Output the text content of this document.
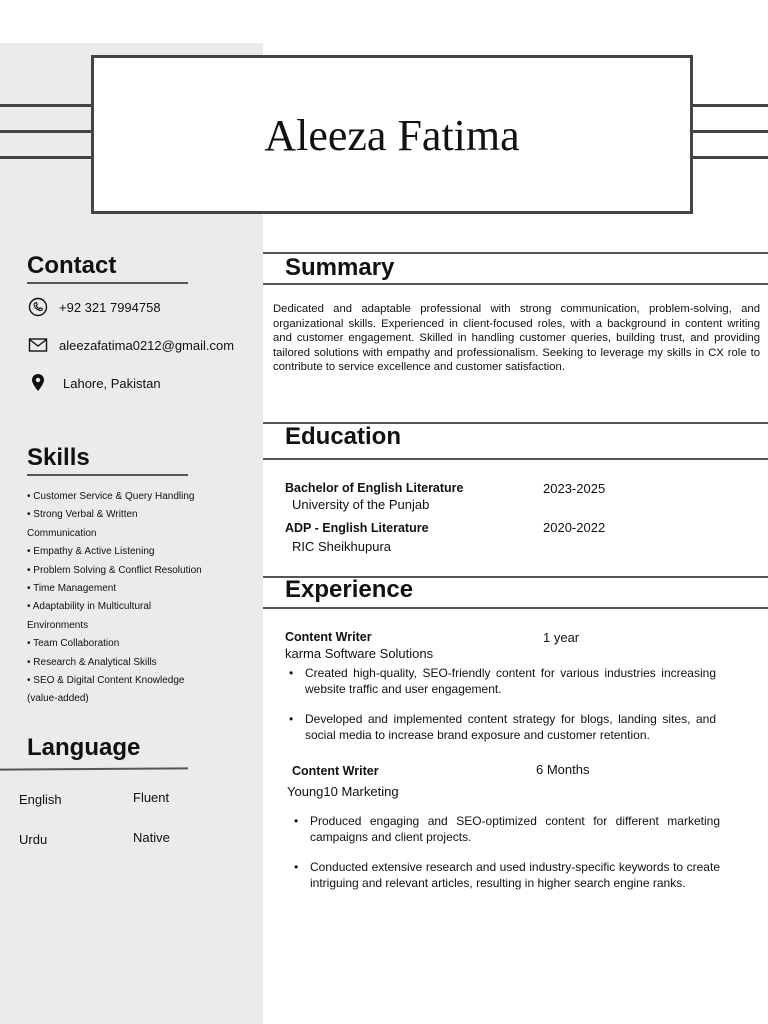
Aleeza Fatima
Contact
+92 321 7994758
aleezafatima0212@gmail.com
Lahore, Pakistan
Skills
• Customer Service & Query Handling
• Strong Verbal & Written Communication
• Empathy & Active Listening
• Problem Solving & Conflict Resolution
• Time Management
• Adaptability in Multicultural Environments
• Team Collaboration
• Research & Analytical Skills
• SEO & Digital Content Knowledge (value-added)
Language
English	Fluent
Urdu	Native
Summary
Dedicated and adaptable professional with strong communication, problem-solving, and organizational skills. Experienced in client-focused roles, with a background in content writing and customer engagement. Skilled in handling customer queries, building trust, and providing tailored solutions with empathy and professionalism. Seeking to leverage my skills in CX role to contribute to service excellence and customer satisfaction.
Education
Bachelor of English Literature	2023-2025
University of the Punjab
ADP - English Literature	2020-2022
RIC Sheikhupura
Experience
Content Writer	1 year
karma Software Solutions
• Created high-quality, SEO-friendly content for various industries increasing website traffic and user engagement.
• Developed and implemented content strategy for blogs, landing sites, and social media to increase brand exposure and customer retention.
Content Writer	6 Months
Young10 Marketing
• Produced engaging and SEO-optimized content for different marketing campaigns and client projects.
• Conducted extensive research and used industry-specific keywords to create intriguing and relevant articles, resulting in higher search engine ranks.
